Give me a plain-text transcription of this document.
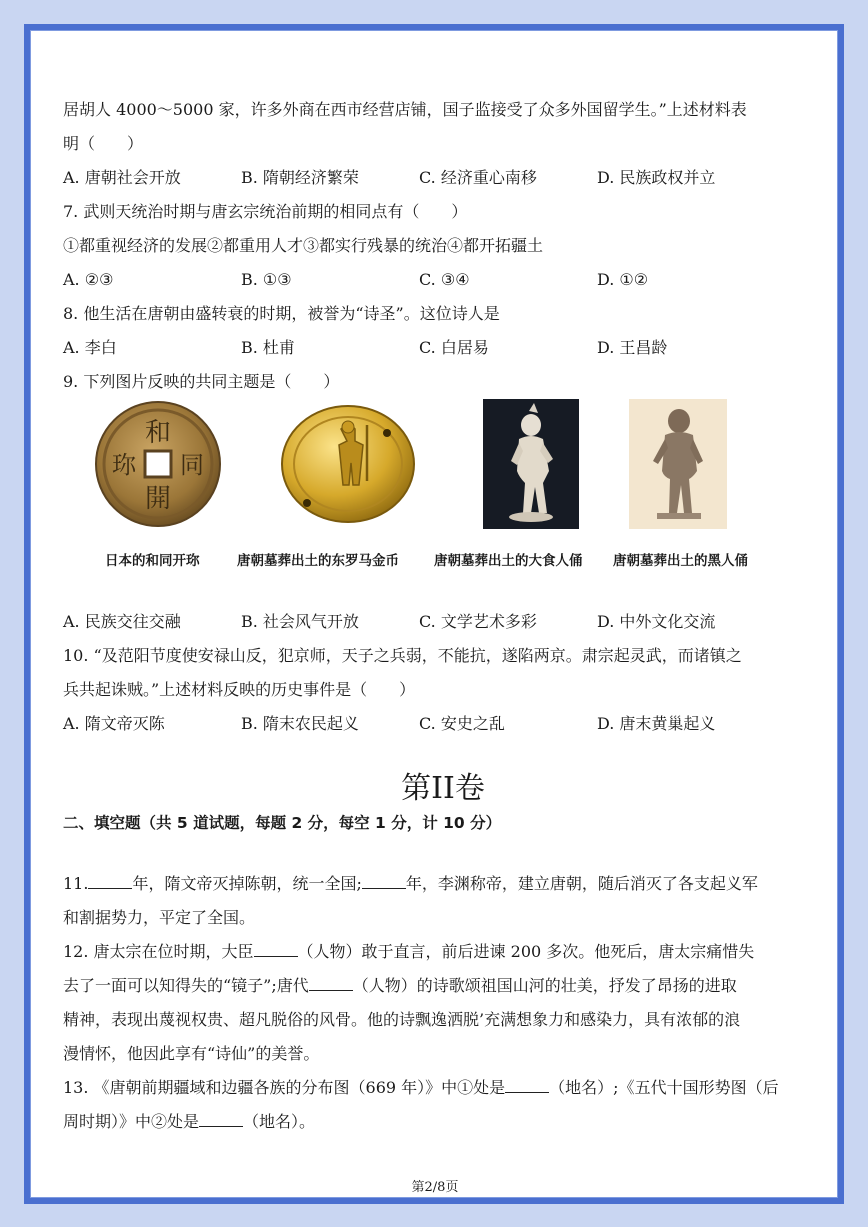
居胡人 4000～5000 家，许多外商在西市经营店铺，国子监接受了众多外国留学生。”上述材料表
明（　　）
A. 唐朝社会开放	B. 隋朝经济繁荣	C. 经济重心南移	D. 民族政权并立
7. 武则天统治时期与唐玄宗统治前期的相同点有（　　）
①都重视经济的发展②都重用人才③都实行残暴的统治④都开拓疆土
A. ②③	B. ①③	C. ③④	D. ①②
8. 他生活在唐朝由盛转衰的时期，被誉为“诗圣”。这位诗人是
A. 李白	B. 杜甫	C. 白居易	D. 王昌龄
9. 下列图片反映的共同主题是（　　）
和
同
開
珎
日本的和同开珎	唐朝墓葬出土的东罗马金币	唐朝墓葬出土的大食人俑 唐朝墓葬出土的黑人俑
A. 民族交往交融	B. 社会风气开放	C. 文学艺术多彩	D. 中外文化交流
10. “及范阳节度使安禄山反，犯京师，天子之兵弱，不能抗，遂陷两京。肃宗起灵武，而诸镇之
兵共起诛贼。”上述材料反映的历史事件是（　　）
A. 隋文帝灭陈	B. 隋末农民起义	C. 安史之乱	D. 唐末黄巢起义
第II卷
二、填空题（共 5 道试题，每题 2 分，每空 1 分，计 10 分）
11.	年，隋文帝灭掉陈朝，统一全国;	年，李渊称帝，建立唐朝，随后消灭了各支起义军
和割据势力，平定了全国。
12. 唐太宗在位时期，大臣	（人物）敢于直言，前后进谏 200 多次。他死后，唐太宗痛惜失
去了一面可以知得失的“镜子”;唐代	（人物）的诗歌颂祖国山河的壮美，抒发了昂扬的进取
精神，表现出蔑视权贵、超凡脱俗的风骨。他的诗飘逸洒脱’充满想象力和感染力，具有浓郁的浪
漫情怀，他因此享有“诗仙”的美誉。
13. 《唐朝前期疆域和边疆各族的分布图（669 年）》中①处是	（地名）;《五代十国形势图（后
周时期）》中②处是	（地名）。
第2/8页
